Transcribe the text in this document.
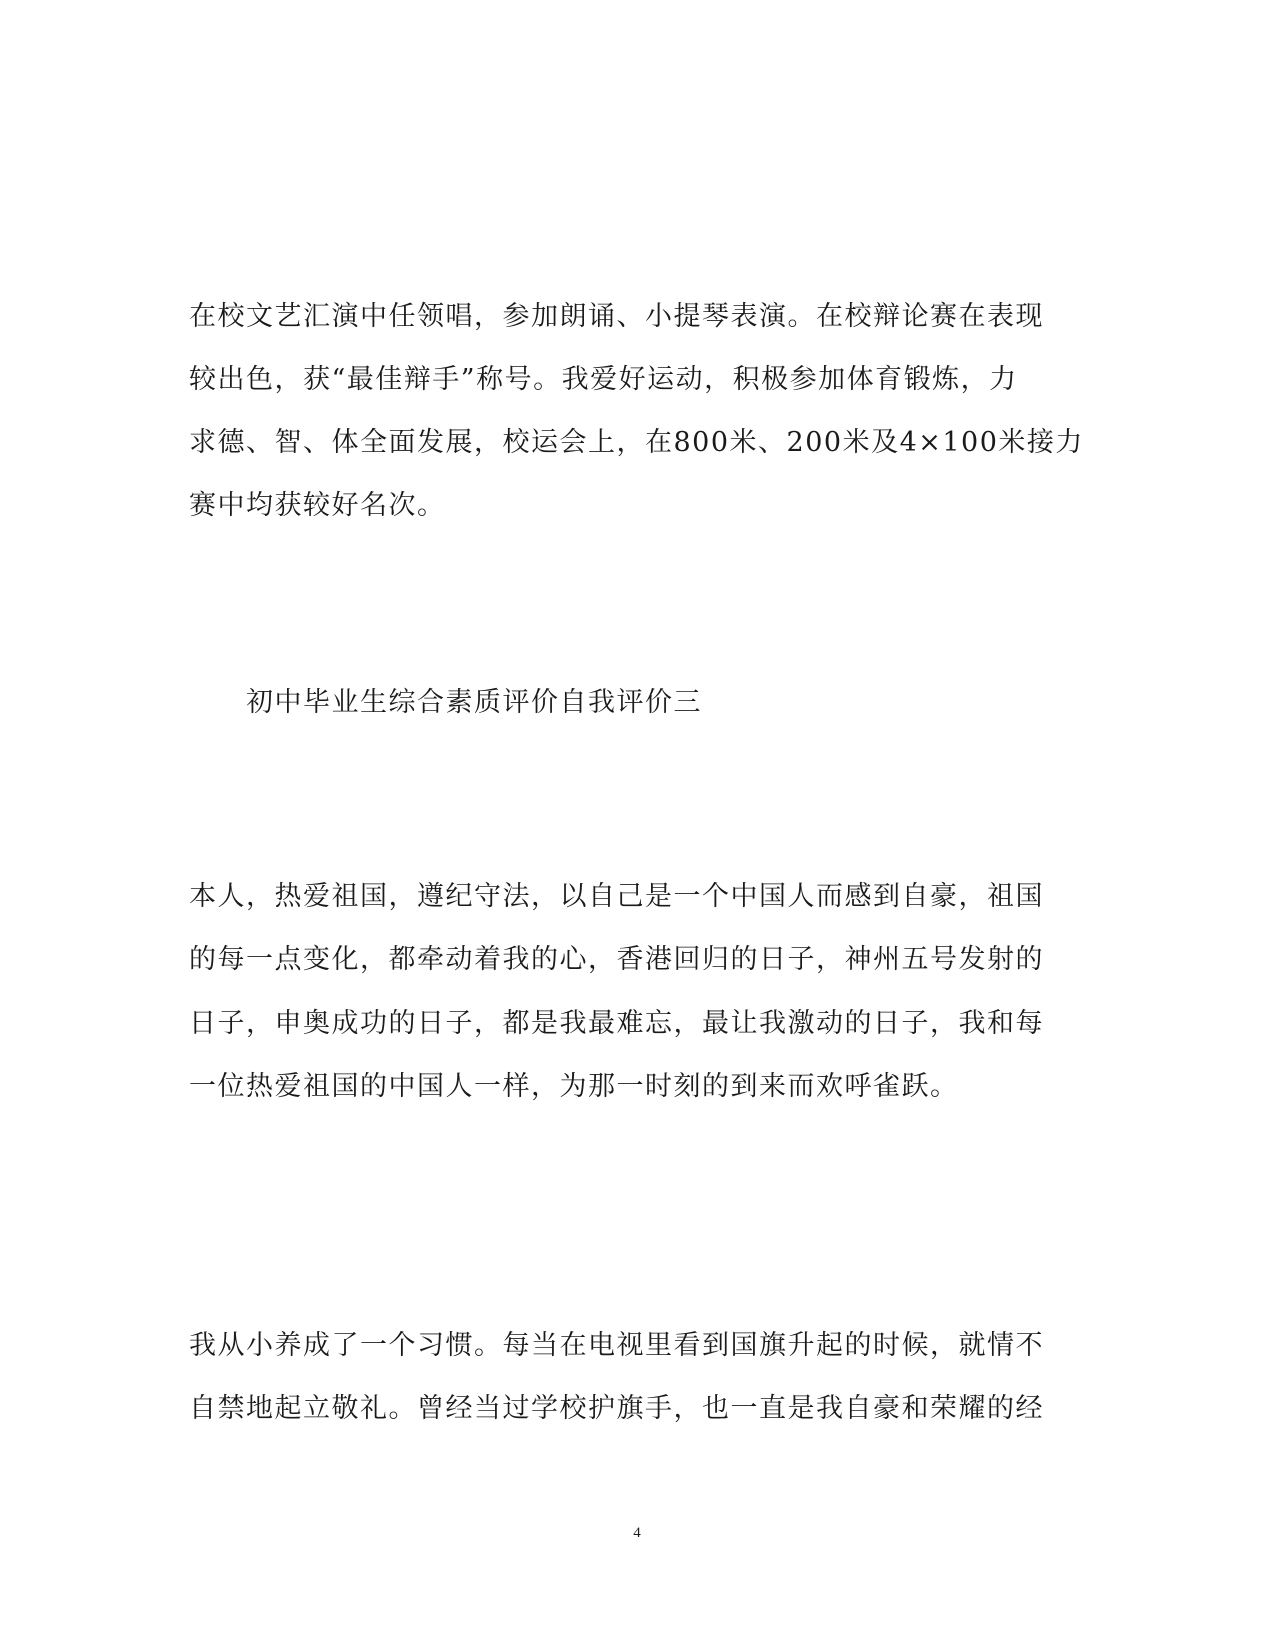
在校文艺汇演中任领唱，参加朗诵、小提琴表演。在校辩论赛在表现
较出色，获“最佳辩手”称号。我爱好运动，积极参加体育锻炼，力
求德、智、体全面发展，校运会上，在800米、200米及4×100米接力
赛中均获较好名次。
初中毕业生综合素质评价自我评价三
本人，热爱祖国，遵纪守法，以自己是一个中国人而感到自豪，祖国
的每一点变化，都牵动着我的心，香港回归的日子，神州五号发射的
日子，申奥成功的日子，都是我最难忘，最让我激动的日子，我和每
一位热爱祖国的中国人一样，为那一时刻的到来而欢呼雀跃。
我从小养成了一个习惯。每当在电视里看到国旗升起的时候，就情不
自禁地起立敬礼。曾经当过学校护旗手，也一直是我自豪和荣耀的经
4
